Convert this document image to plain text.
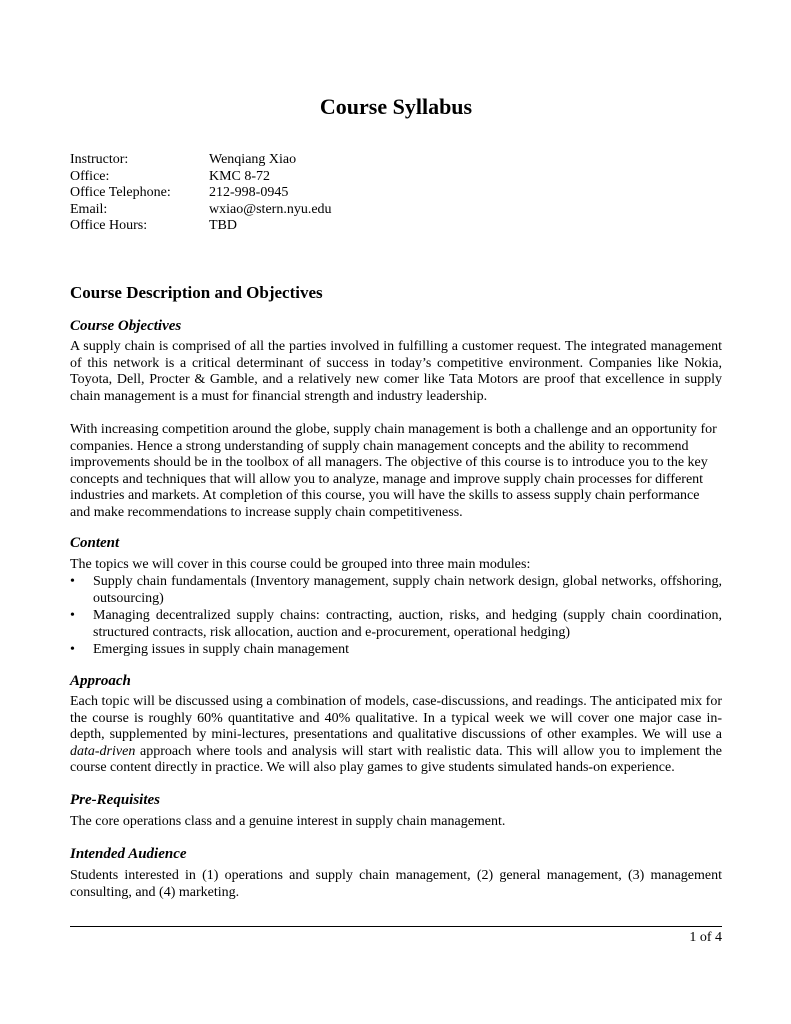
Course Syllabus
Instructor:	Wenqiang Xiao
Office:	KMC 8-72
Office Telephone:	212-998-0945
Email:	wxiao@stern.nyu.edu
Office Hours:	TBD
Course Description and Objectives
Course Objectives

A supply chain is comprised of all the parties involved in fulfilling a customer request. The integrated management of this network is a critical determinant of success in today’s competitive environment. Companies like Nokia, Toyota, Dell, Procter & Gamble, and a relatively new comer like Tata Motors are proof that excellence in supply chain management is a must for financial strength and industry leadership.

With increasing competition around the globe, supply chain management is both a challenge and an opportunity for companies. Hence a strong understanding of supply chain management concepts and the ability to recommend improvements should be in the toolbox of all managers. The objective of this course is to introduce you to the key concepts and techniques that will allow you to analyze, manage and improve supply chain processes for different industries and markets. At completion of this course, you will have the skills to assess supply chain performance and make recommendations to increase supply chain competitiveness.

Content

The topics we will cover in this course could be grouped into three main modules:

• Supply chain fundamentals (Inventory management, supply chain network design, global networks, offshoring, outsourcing)
• Managing decentralized supply chains: contracting, auction, risks, and hedging (supply chain coordination, structured contracts, risk allocation, auction and e-procurement, operational hedging)
• Emerging issues in supply chain management
Approach

Each topic will be discussed using a combination of models, case-discussions, and readings. The anticipated mix for the course is roughly 60% quantitative and 40% qualitative. In a typical week we will cover one major case in-depth, supplemented by mini-lectures, presentations and qualitative discussions of other examples. We will use a data-driven approach where tools and analysis will start with realistic data. This will allow you to implement the course content directly in practice. We will also play games to give students simulated hands-on experience.

Pre-Requisites

The core operations class and a genuine interest in supply chain management.

Intended Audience

Students interested in (1) operations and supply chain management, (2) general management, (3) management consulting, and (4) marketing.

1 of 4
